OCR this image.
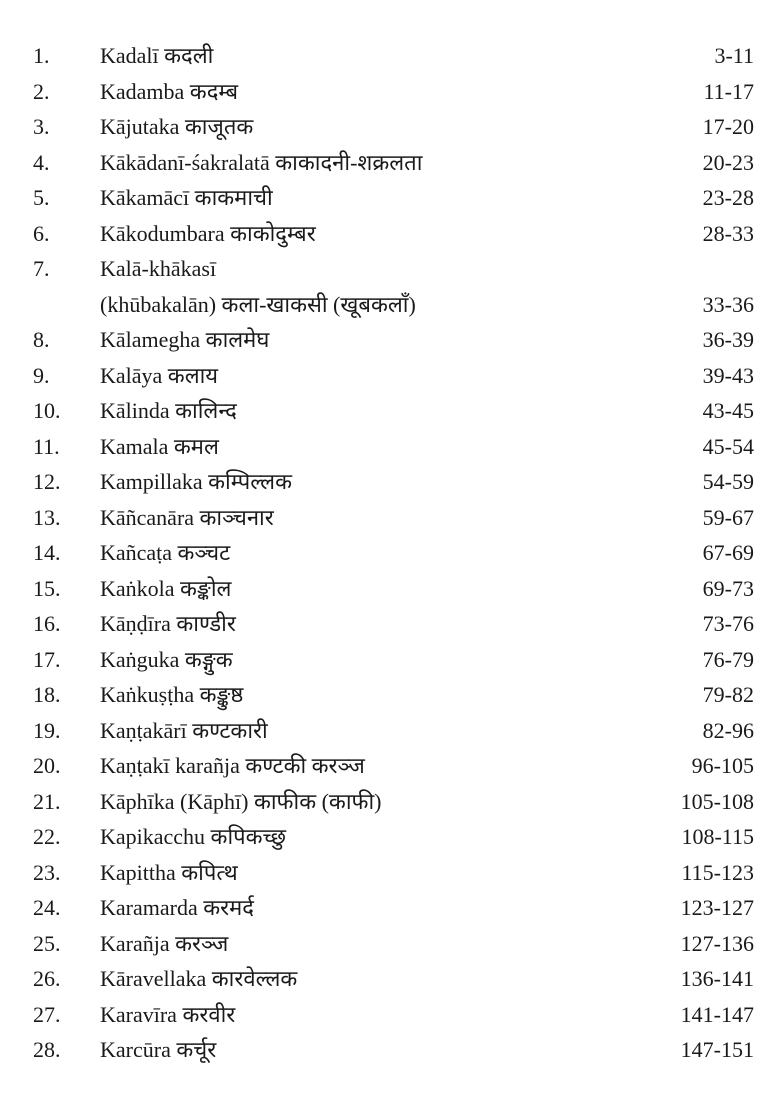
1. Kadalī कदली	3-11
2. Kadamba कदम्ब	11-17
3. Kājutaka काजूतक	17-20
4. Kākādanī-śakralatā काकादनी-शक्रलता	20-23
5. Kākamācī काकमाची	23-28
6. Kākodumbara काकोदुम्बर	28-33
7. Kalā-khākasī
(khūbakalān) कला-खाकसी (खूबकलाँ)	33-36
8. Kālamegha कालमेघ	36-39
9. Kalāya कलाय	39-43
10. Kālinda कालिन्द	43-45
11. Kamala कमल	45-54
12. Kampillaka कम्पिल्लक	54-59
13. Kāñcanāra काञ्चनार	59-67
14. Kañcaṭa कञ्चट	67-69
15. Kaṅkola कङ्कोल	69-73
16. Kāṇḍīra काण्डीर	73-76
17. Kaṅguka कङ्गुक	76-79
18. Kaṅkuṣṭha कङ्कुष्ठ	79-82
19. Kaṇṭakārī कण्टकारी	82-96
20. Kaṇṭakī karañja कण्टकी करञ्ज	96-105
21. Kāphīka (Kāphī) काफीक (काफी)	105-108
22. Kapikacchu कपिकच्छु	108-115
23. Kapittha कपित्थ	115-123
24. Karamarda करमर्द	123-127
25. Karañja करञ्ज	127-136
26. Kāravellaka कारवेल्लक	136-141
27. Karavīra करवीर	141-147
28. Karcūra कर्चूर	147-151
